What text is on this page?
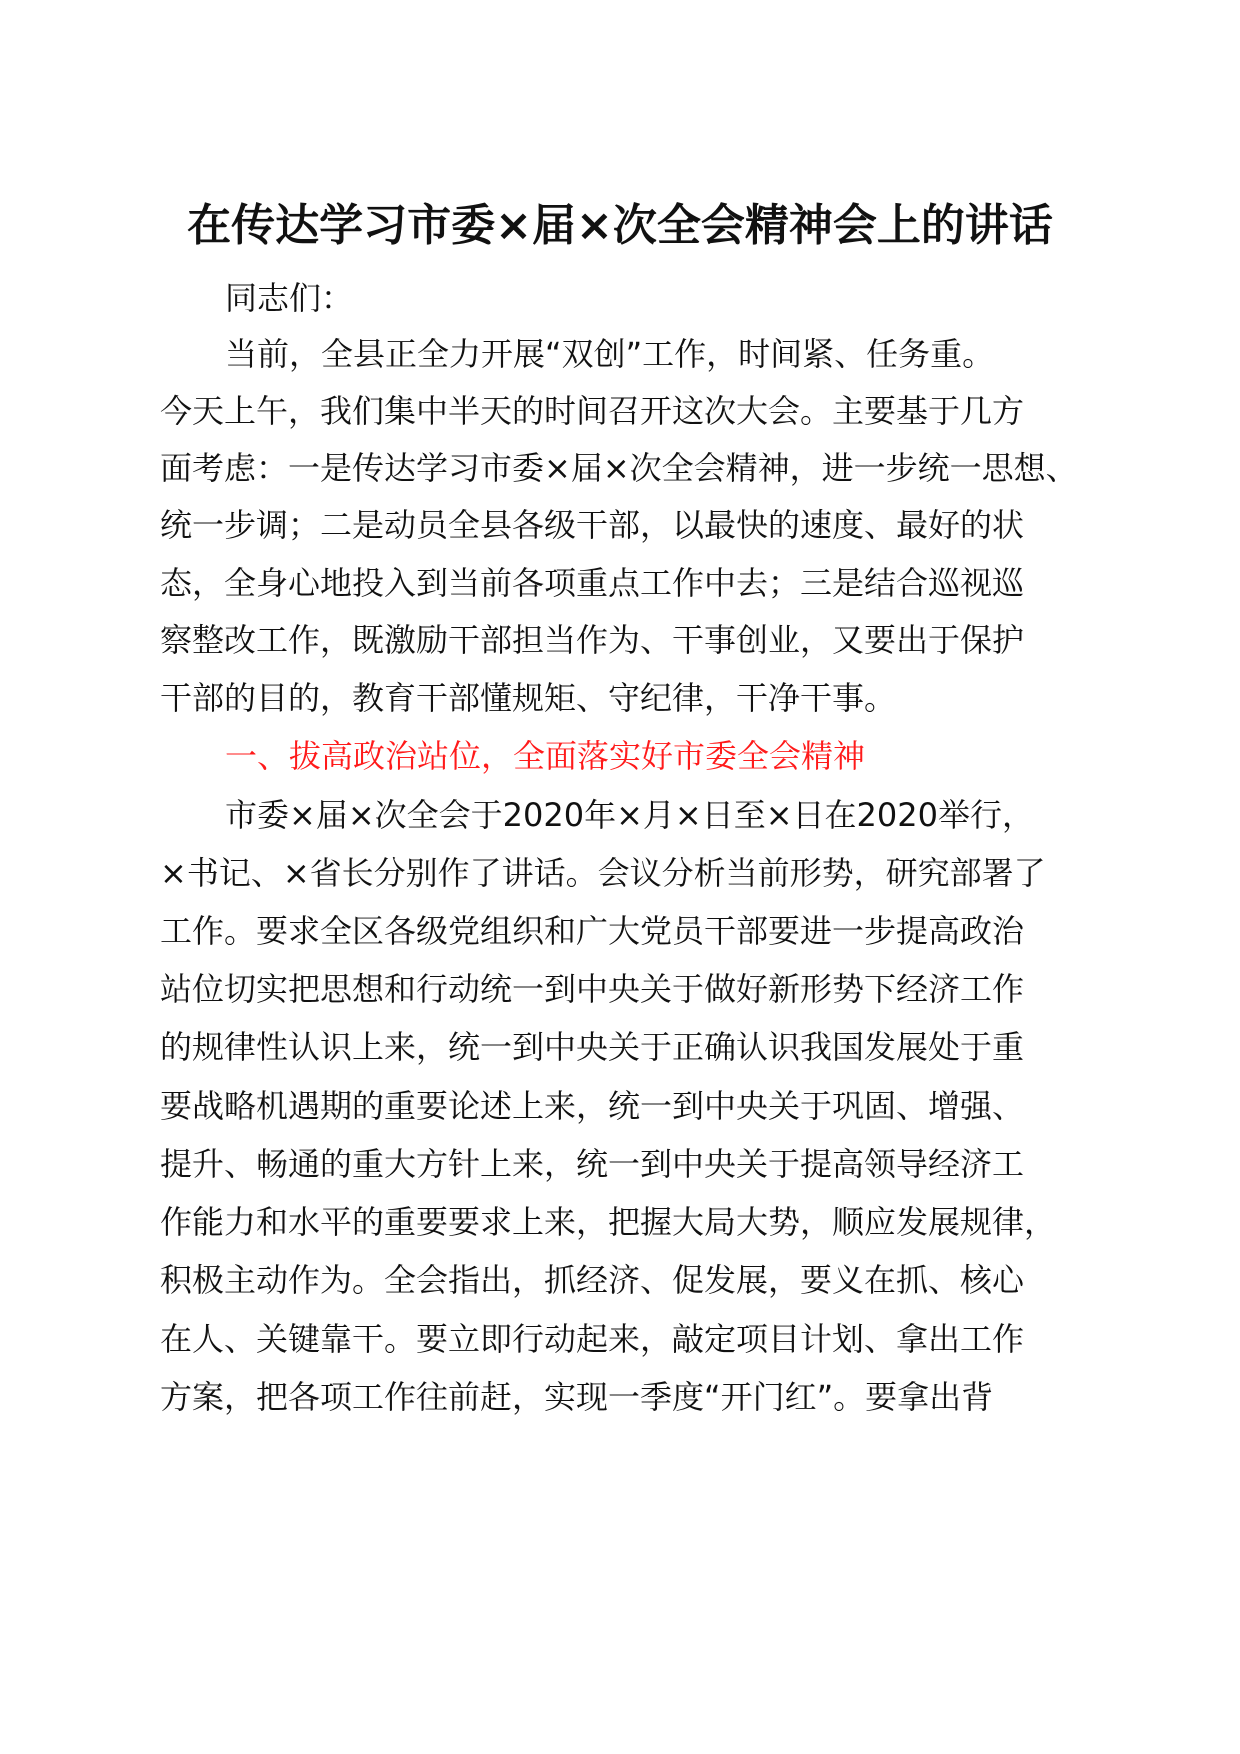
在传达学习市委×届×次全会精神会上的讲话
同志们：
当前，全县正全力开展“双创”工作，时间紧、任务重。
今天上午，我们集中半天的时间召开这次大会。主要基于几方
面考虑：一是传达学习市委×届×次全会精神，进一步统一思想、
统一步调；二是动员全县各级干部，以最快的速度、最好的状
态，全身心地投入到当前各项重点工作中去；三是结合巡视巡
察整改工作，既激励干部担当作为、干事创业，又要出于保护
干部的目的，教育干部懂规矩、守纪律，干净干事。
一、拔高政治站位，全面落实好市委全会精神
市委×届×次全会于2020年×月×日至×日在2020举行，
×书记、×省长分别作了讲话。会议分析当前形势，研究部署了
工作。要求全区各级党组织和广大党员干部要进一步提高政治
站位切实把思想和行动统一到中央关于做好新形势下经济工作
的规律性认识上来，统一到中央关于正确认识我国发展处于重
要战略机遇期的重要论述上来，统一到中央关于巩固、增强、
提升、畅通的重大方针上来，统一到中央关于提高领导经济工
作能力和水平的重要要求上来，把握大局大势，顺应发展规律，
积极主动作为。全会指出，抓经济、促发展，要义在抓、核心
在人、关键靠干。要立即行动起来，敲定项目计划、拿出工作
方案，把各项工作往前赶，实现一季度“开门红”。要拿出背
